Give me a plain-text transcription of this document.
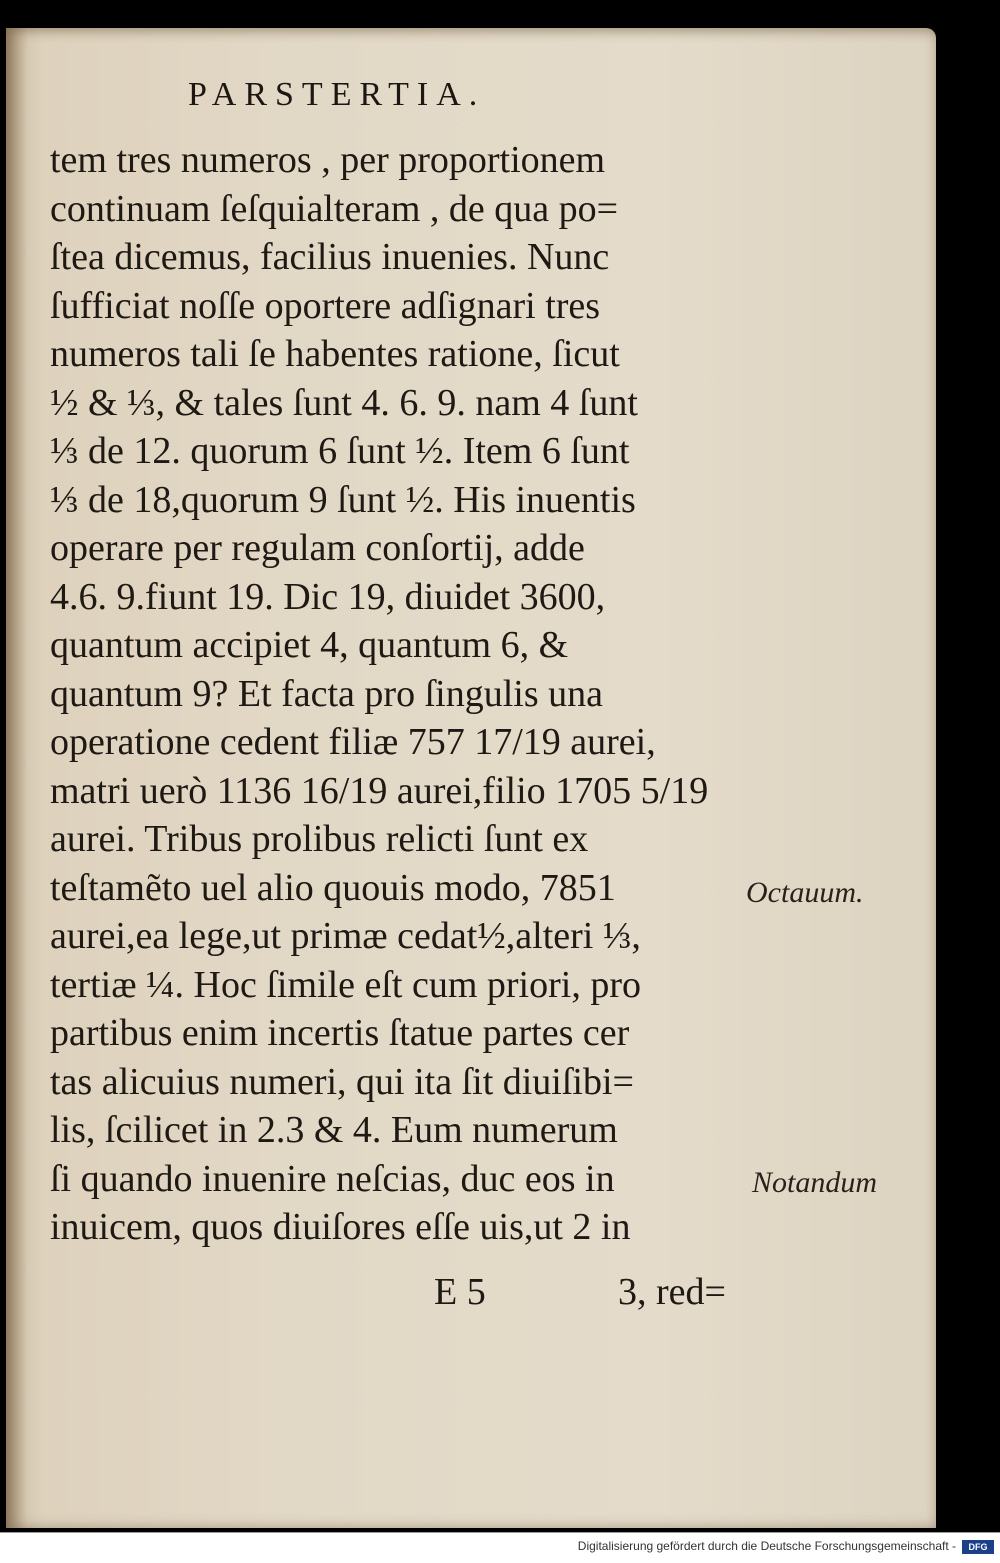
PARSTERTIA.
tem tres numeros , per proportionem
continuam ſeſquialteram , de qua po=
ſtea dicemus, facilius inuenies. Nunc
ſufficiat noſſe oportere adſignari tres
numeros tali ſe habentes ratione, ſicut
½ & ⅓, & tales ſunt 4. 6. 9. nam 4 ſunt
⅓ de 12. quorum 6 ſunt ½. Item 6 ſunt
⅓ de 18,quorum 9 ſunt ½. His inuentis
operare per regulam conſortij, adde
4.6. 9.fiunt 19. Dic 19, diuidet 3600,
quantum accipiet 4, quantum 6, &
quantum 9? Et facta pro ſingulis una
operatione cedent filiæ 757 17/19 aurei,
matri uerò 1136 16/19 aurei,filio 1705 5/19
aurei. Tribus prolibus relicti ſunt ex
teſtamẽto uel alio quouis modo, 7851
aurei,ea lege,ut primæ cedat½,alteri ⅓,
tertiæ ¼. Hoc ſimile eſt cum priori, pro
partibus enim incertis ſtatue partes cer
tas alicuius numeri, qui ita ſit diuiſibi=
lis, ſcilicet in 2.3 & 4. Eum numerum
ſi quando inuenire neſcias, duc eos in
inuicem, quos diuiſores eſſe uis,ut 2 in
Octauum.
Notandum
E 5	3, red=
Digitalisierung gefördert durch die Deutsche Forschungsgemeinschaft -	DFG
